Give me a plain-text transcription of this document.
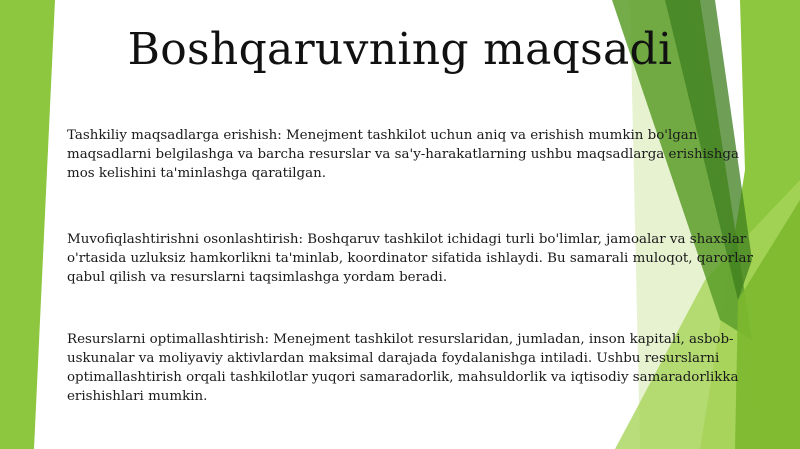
Boshqaruvning maqsadi

Tashkiliy maqsadlarga erishish: Menejment tashkilot uchun aniq va erishish mumkin bo'lgan maqsadlarni belgilashga va barcha resurslar va sa'y-harakatlarning ushbu maqsadlarga erishishga mos kelishini ta'minlashga qaratilgan.

Muvofiqlashtirishni osonlashtirish: Boshqaruv tashkilot ichidagi turli bo'limlar, jamoalar va shaxslar o'rtasida uzluksiz hamkorlikni ta'minlab, koordinator sifatida ishlaydi. Bu samarali muloqot, qarorlar qabul qilish va resurslarni taqsimlashga yordam beradi.

Resurslarni optimallashtirish: Menejment tashkilot resurslaridan, jumladan, inson kapitali, asbob-uskunalar va moliyaviy aktivlardan maksimal darajada foydalanishga intiladi. Ushbu resurslarni optimallashtirish orqali tashkilotlar yuqori samaradorlik, mahsuldorlik va iqtisodiy samaradorlikka erishishlari mumkin.
